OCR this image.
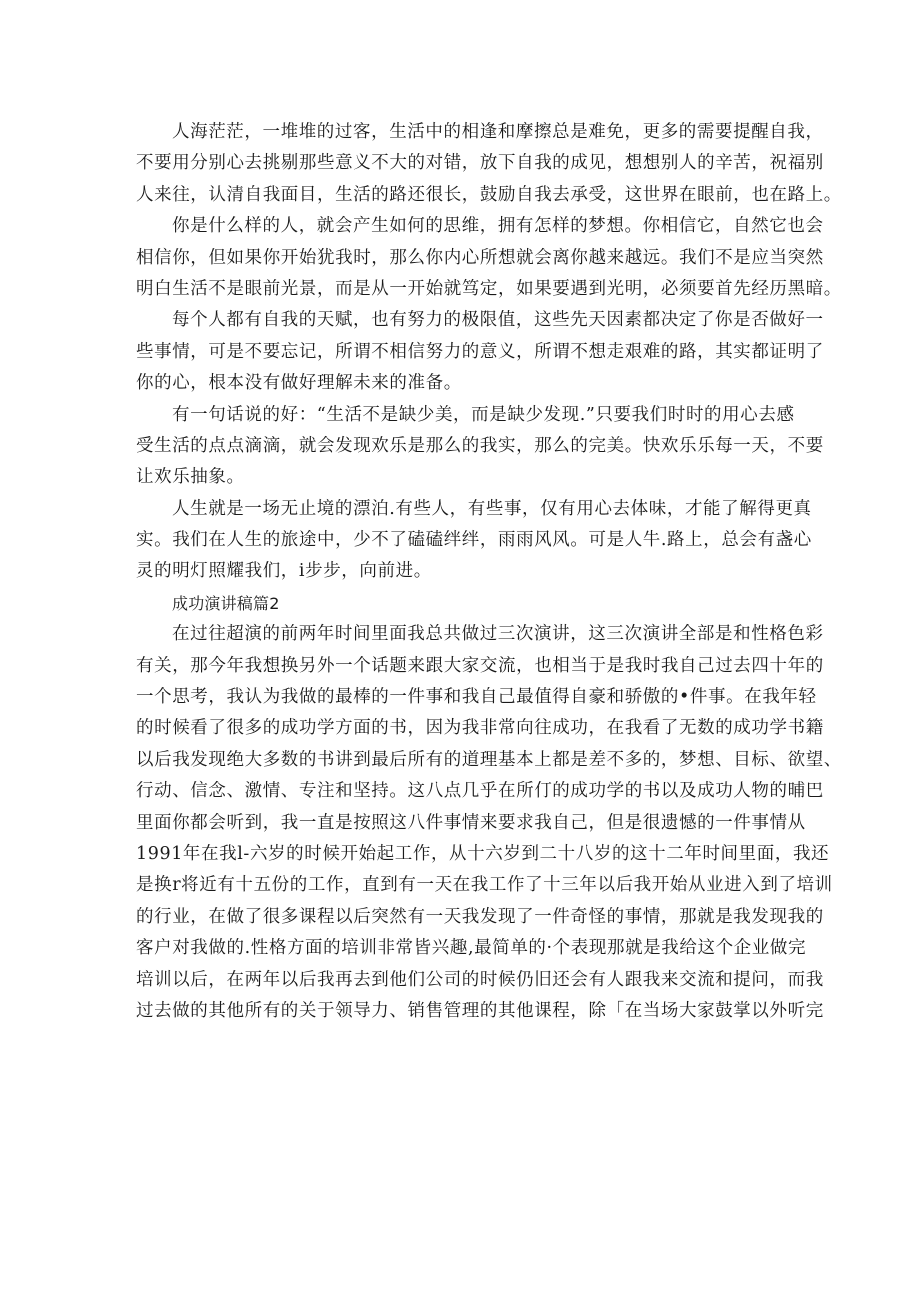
人海茫茫，一堆堆的过客，生活中的相逢和摩擦总是难免，更多的需要提醒自我，
不要用分别心去挑剔那些意义不大的对错，放下自我的成见，想想别人的辛苦，祝福别
人来往，认清自我面目，生活的路还很长，鼓励自我去承受，这世界在眼前，也在路上。
你是什么样的人，就会产生如何的思维，拥有怎样的梦想。你相信它，自然它也会
相信你，但如果你开始犹我时，那么你内心所想就会离你越来越远。我们不是应当突然
明白生活不是眼前光景，而是从一开始就笃定，如果要遇到光明，必须要首先经历黑暗。
每个人都有自我的天赋，也有努力的极限值，这些先天因素都决定了你是否做好一
些事情，可是不要忘记，所谓不相信努力的意义，所谓不想走艰难的路，其实都证明了
你的心，根本没有做好理解未来的准备。
有一句话说的好：“生活不是缺少美，而是缺少发现.”只要我们时时的用心去感
受生活的点点滴滴，就会发现欢乐是那么的我实，那么的完美。快欢乐乐每一天，不要
让欢乐抽象。
人生就是一场无止境的漂泊.有些人，有些事，仅有用心去体味，才能了解得更真
实。我们在人生的旅途中，少不了磕磕绊绊，雨雨风风。可是人牛.路上，总会有盏心
灵的明灯照耀我们，i步步，向前进。
成功演讲稿篇2
在过往超演的前两年时间里面我总共做过三次演讲，这三次演讲全部是和性格色彩
有关，那今年我想换另外一个话题来跟大家交流，也相当于是我时我自己过去四十年的
一个思考，我认为我做的最棒的一件事和我自己最值得自豪和骄傲的•件事。在我年轻
的时候看了很多的成功学方面的书，因为我非常向往成功，在我看了无数的成功学书籍
以后我发现绝大多数的书讲到最后所有的道理基本上都是差不多的，梦想、目标、欲望、
行动、信念、激情、专注和坚持。这八点几乎在所仃的成功学的书以及成功人物的晡巴
里面你都会听到，我一直是按照这八件事情来要求我自己，但是很遗憾的一件事情从
1991年在我l-六岁的时候开始起工作，从十六岁到二十八岁的这十二年时间里面，我还
是换r将近有十五份的工作，直到有一天在我工作了十三年以后我开始从业进入到了培训
的行业，在做了很多课程以后突然有一天我发现了一件奇怪的事情，那就是我发现我的
客户对我做的.性格方面的培训非常皆兴趣,最简单的·个表现那就是我给这个企业做完
培训以后，在两年以后我再去到他们公司的时候仍旧还会有人跟我来交流和提问，而我
过去做的其他所有的关于领导力、销售管理的其他课程，除「在当场大家鼓掌以外听完
